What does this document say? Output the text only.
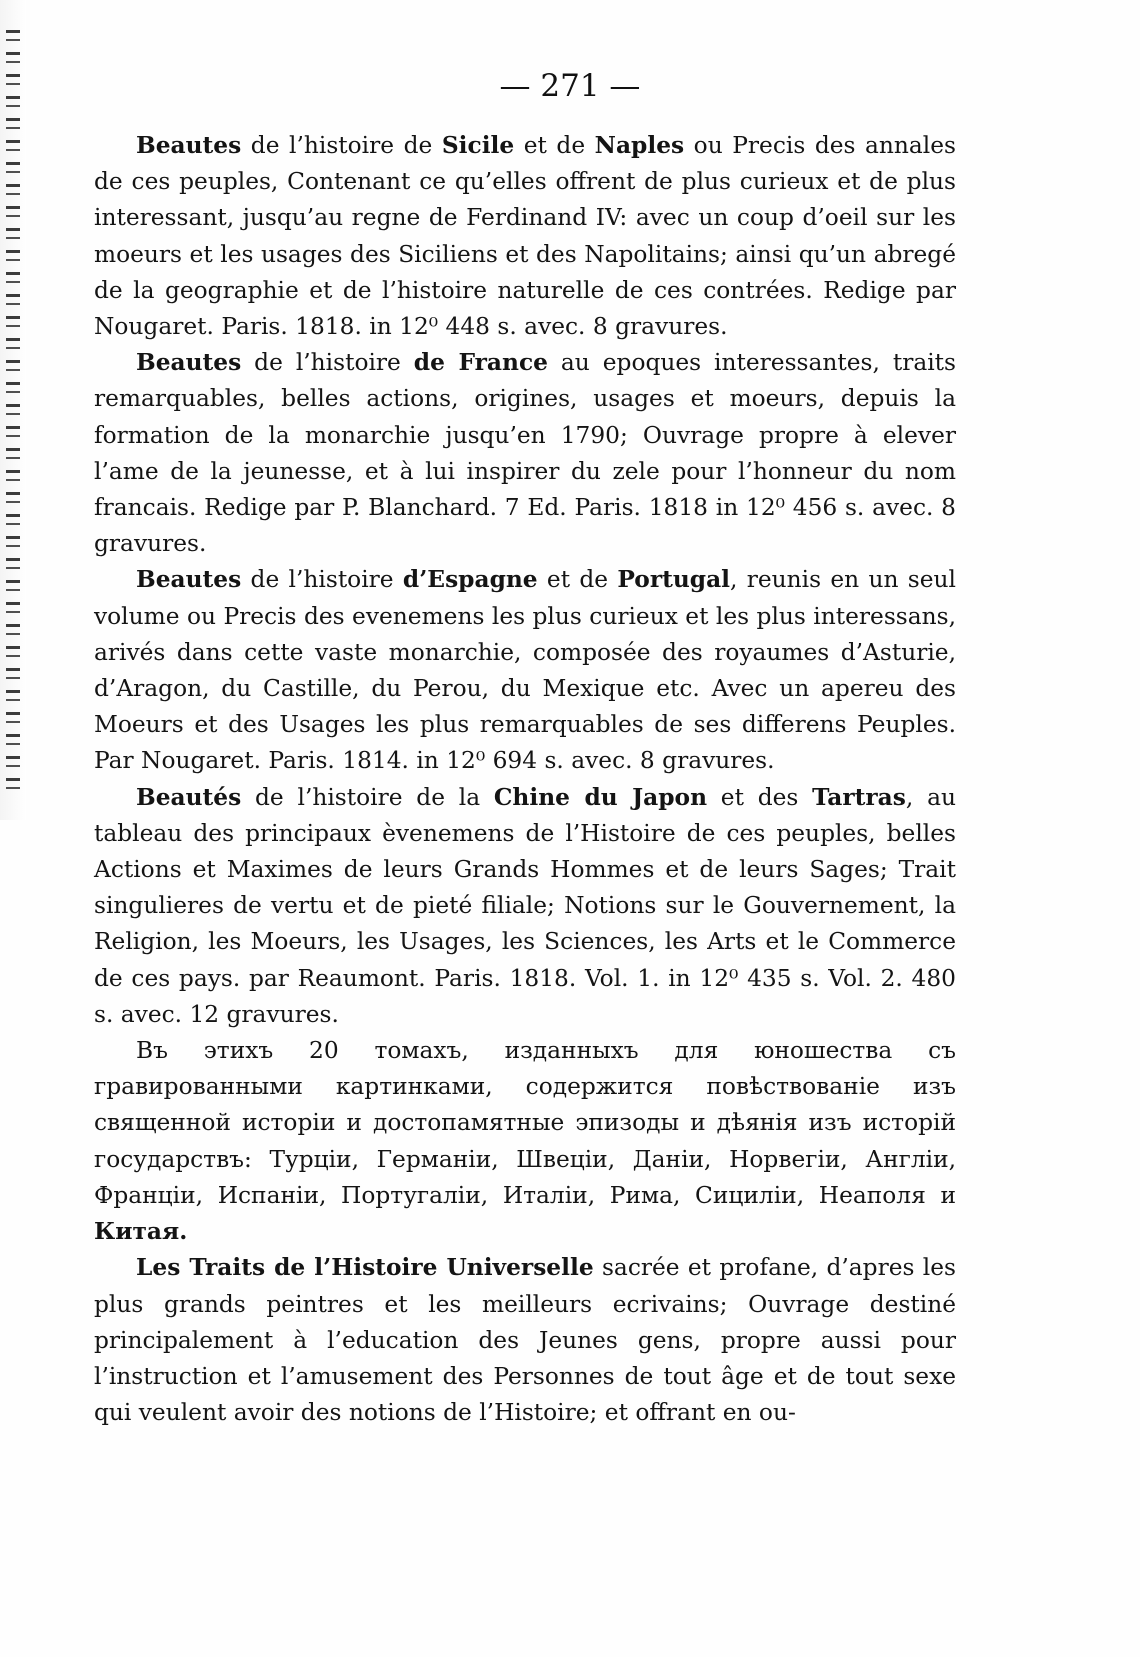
— 271 —

Beautes de l’histoire de Sicile et de Naples ou Precis des annales de ces peuples, Contenant ce qu’elles offrent de plus curieux et de plus interessant, jusqu’au regne de Ferdinand IV: avec un coup d’oeil sur les moeurs et les usages des Siciliens et des Napolitains; ainsi qu’un abregé de la geographie et de l’histoire naturelle de ces contrées. Redige par Nougaret. Paris. 1818. in 12⁰ 448 s. avec. 8 gravures.

Beautes de l’histoire de France au epoques interessantes, traits remarquables, belles actions, origines, usages et moeurs, depuis la formation de la monarchie jusqu’en 1790; Ouvrage propre à elever l’ame de la jeunesse, et à lui inspirer du zele pour l’honneur du nom francais. Redige par P. Blanchard. 7 Ed. Paris. 1818 in 12⁰ 456 s. avec. 8 gravures.

Beautes de l’histoire d’Espagne et de Portugal, reunis en un seul volume ou Precis des evenemens les plus curieux et les plus interessans, arivés dans cette vaste monarchie, composée des royaumes d’Asturie, d’Aragon, du Castille, du Perou, du Mexique etc. Avec un apereu des Moeurs et des Usages les plus remarquables de ses differens Peuples. Par Nougaret. Paris. 1814. in 12⁰ 694 s. avec. 8 gravures.

Beautés de l’histoire de la Chine du Japon et des Tartras, au tableau des principaux èvenemens de l’Histoire de ces peuples, belles Actions et Maximes de leurs Grands Hommes et de leurs Sages; Trait singulieres de vertu et de pieté filiale; Notions sur le Gouvernement, la Religion, les Moeurs, les Usages, les Sciences, les Arts et le Commerce de ces pays. par Reaumont. Paris. 1818. Vol. 1. in 12⁰ 435 s. Vol. 2. 480 s. avec. 12 gravures.

Въ этихъ 20 томахъ, изданныхъ для юношества съ гравированными картинками, содержится повѣствованіе изъ священной исторіи и достопамятные эпизоды и дѣянія изъ исторій государствъ: Турціи, Германіи, Швеціи, Даніи, Норвегіи, Англіи, Франціи, Испаніи, Португаліи, Италіи, Рима, Сициліи, Неаполя и Китая.

Les Traits de l’Histoire Universelle sacrée et profane, d’apres les plus grands peintres et les meilleurs ecrivains; Ouvrage destiné principalement à l’education des Jeunes gens, propre aussi pour l’instruction et l’amusement des Personnes de tout âge et de tout sexe qui veulent avoir des notions de l’Histoire; et offrant en ou-
